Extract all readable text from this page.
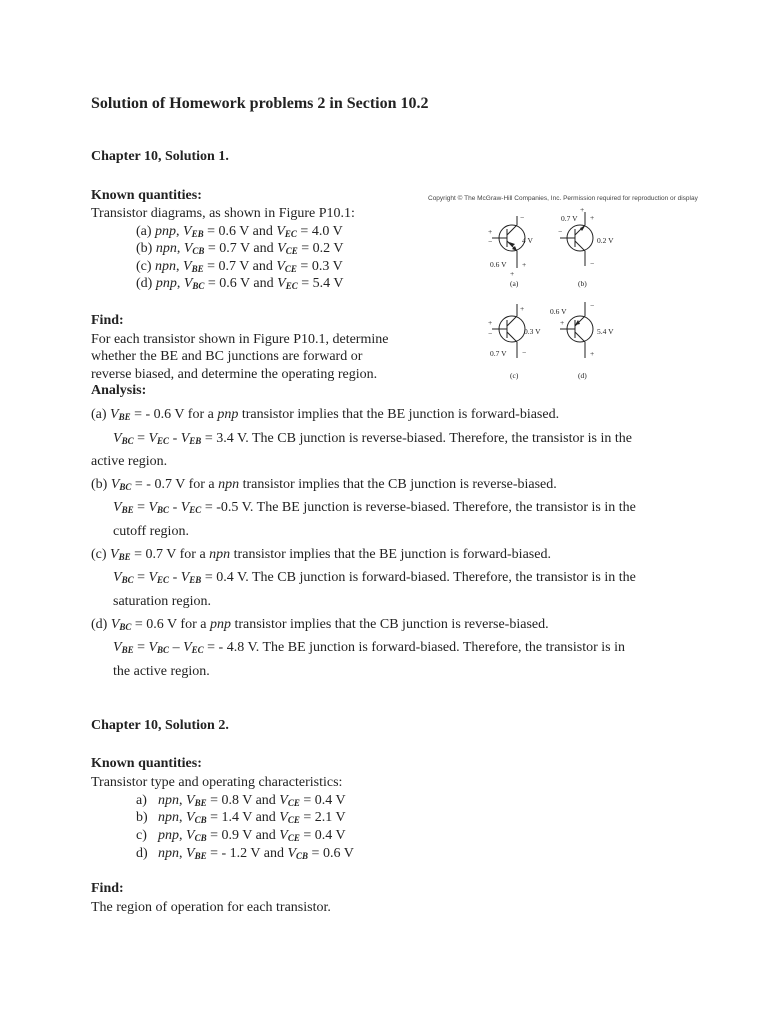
Solution of Homework problems 2 in Section 10.2
Chapter 10, Solution 1.
Known quantities:
Transistor diagrams, as shown in Figure P10.1:
(a) pnp, $V_{EB} = 0.6$ V and $V_{EC} = 4.0$ V
(b) npn, $V_{CB} = 0.7$ V and $V_{CE} = 0.2$ V
(c) npn, $V_{BE} = 0.7$ V and $V_{CE} = 0.3$ V
(d) pnp, $V_{BC} = 0.6$ V and $V_{EC} = 5.4$ V
Find:
For each transistor shown in Figure P10.1, determine
whether the BE and BC junctions are forward or
reverse biased, and determine the operating region.
Analysis:
(a) $V_{BE}$ = - 0.6 V for a pnp transistor implies that the BE junction is forward-biased.
$V_{BC} = V_{EC} - V_{EB} = 3.4$ V. The CB junction is reverse-biased. Therefore, the transistor is in the
active region.
(b) $V_{BC}$ = - 0.7 V for a npn transistor implies that the CB junction is reverse-biased.
$V_{BE} = V_{BC} - V_{EC} = -0.5$ V. The BE junction is reverse-biased. Therefore, the transistor is in the
cutoff region.
(c) $V_{BE} = 0.7$ V for a npn transistor implies that the BE junction is forward-biased.
$V_{BC} = V_{EC} - V_{EB} = 0.4$ V. The CB junction is forward-biased. Therefore, the transistor is in the
saturation region.
(d) $V_{BC} = 0.6$ V for a pnp transistor implies that the CB junction is reverse-biased.
$V_{BE} = V_{BC} - V_{EC}$ = - 4.8 V. The BE junction is forward-biased. Therefore, the transistor is in
the active region.
Chapter 10, Solution 2.
Known quantities:
Transistor type and operating characteristics:
a) npn, $V_{BE} = 0.8$ V and $V_{CE} = 0.4$ V
b) npn, $V_{CB} = 1.4$ V and $V_{CE} = 2.1$ V
c) pnp, $V_{CB} = 0.9$ V and $V_{CE} = 0.4$ V
d) npn, $V_{BE}$ = - 1.2 V and $V_{CB} = 0.6$ V
Find:
The region of operation for each transistor.
Copyright © The McGraw-Hill Companies, Inc. Permission required for reproduction or display
4 V
0.6 V
(a)
−
+
+
+
−
0.7 V
0.2 V
(b)
+
+
−
−
0.3 V
0.7 V
(c)
+
−
+
−
0.6 V
5.4 V
(d)
−
+
+
